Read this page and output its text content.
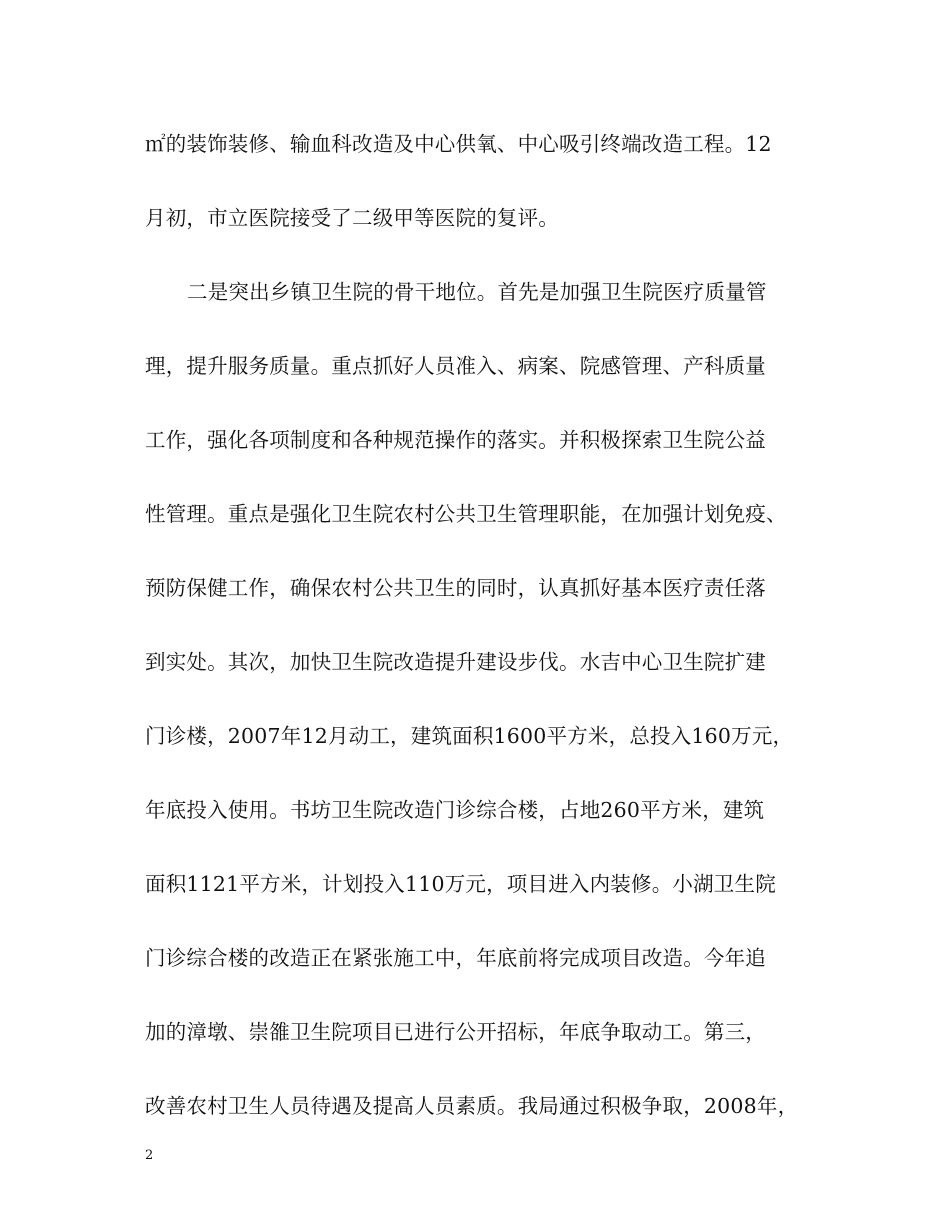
㎡的装饰装修、输血科改造及中心供氧、中心吸引终端改造工程。12
月初，市立医院接受了二级甲等医院的复评。
二是突出乡镇卫生院的骨干地位。首先是加强卫生院医疗质量管
理，提升服务质量。重点抓好人员准入、病案、院感管理、产科质量
工作，强化各项制度和各种规范操作的落实。并积极探索卫生院公益
性管理。重点是强化卫生院农村公共卫生管理职能，在加强计划免疫、
预防保健工作，确保农村公共卫生的同时，认真抓好基本医疗责任落
到实处。其次，加快卫生院改造提升建设步伐。水吉中心卫生院扩建
门诊楼，2007年12月动工，建筑面积1600平方米，总投入160万元，
年底投入使用。书坊卫生院改造门诊综合楼，占地260平方米，建筑
面积1121平方米，计划投入110万元，项目进入内装修。小湖卫生院
门诊综合楼的改造正在紧张施工中，年底前将完成项目改造。今年追
加的漳墩、崇雒卫生院项目已进行公开招标，年底争取动工。第三，
改善农村卫生人员待遇及提高人员素质。我局通过积极争取，2008年，
2
